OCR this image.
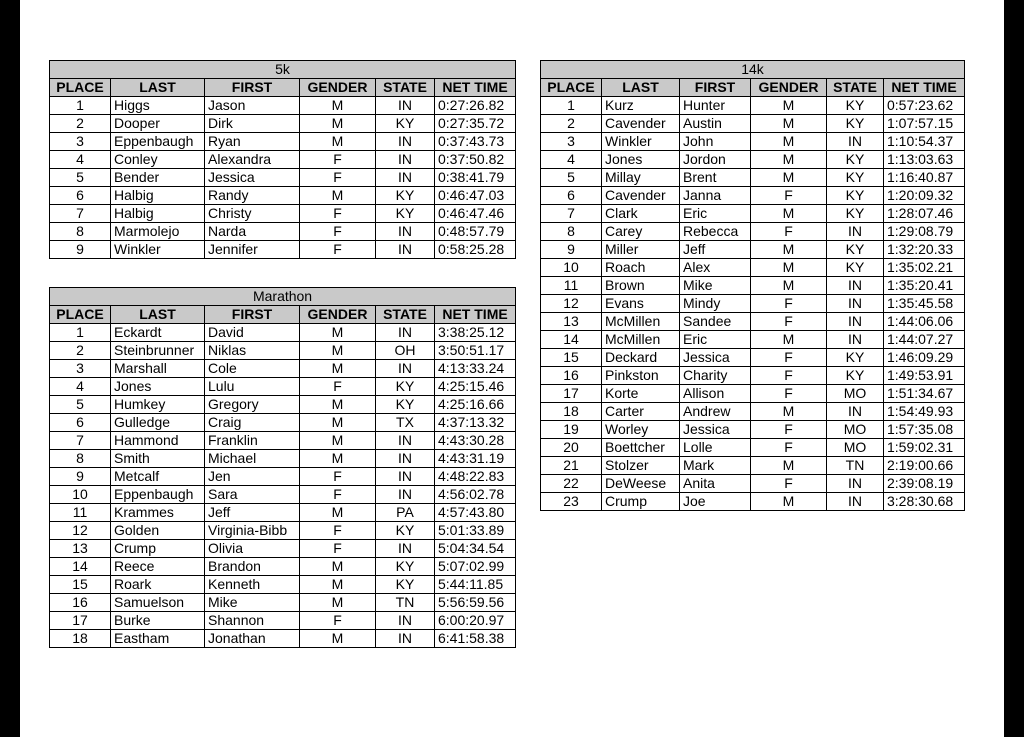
5k					
PLACE	LAST	FIRST	GENDER	STATE	NET TIME
1	Higgs	Jason	M	IN	0:27:26.82
2	Dooper	Dirk	M	KY	0:27:35.72
3	Eppenbaugh	Ryan	M	IN	0:37:43.73
4	Conley	Alexandra	F	IN	0:37:50.82
5	Bender	Jessica	F	IN	0:38:41.79
6	Halbig	Randy	M	KY	0:46:47.03
7	Halbig	Christy	F	KY	0:46:47.46
8	Marmolejo	Narda	F	IN	0:48:57.79
9	Winkler	Jennifer	F	IN	0:58:25.28
Marathon					
PLACE	LAST	FIRST	GENDER	STATE	NET TIME
1	Eckardt	David	M	IN	3:38:25.12
2	Steinbrunner	Niklas	M	OH	3:50:51.17
3	Marshall	Cole	M	IN	4:13:33.24
4	Jones	Lulu	F	KY	4:25:15.46
5	Humkey	Gregory	M	KY	4:25:16.66
6	Gulledge	Craig	M	TX	4:37:13.32
7	Hammond	Franklin	M	IN	4:43:30.28
8	Smith	Michael	M	IN	4:43:31.19
9	Metcalf	Jen	F	IN	4:48:22.83
10	Eppenbaugh	Sara	F	IN	4:56:02.78
11	Krammes	Jeff	M	PA	4:57:43.80
12	Golden	Virginia-Bibb	F	KY	5:01:33.89
13	Crump	Olivia	F	IN	5:04:34.54
14	Reece	Brandon	M	KY	5:07:02.99
15	Roark	Kenneth	M	KY	5:44:11.85
16	Samuelson	Mike	M	TN	5:56:59.56
17	Burke	Shannon	F	IN	6:00:20.97
18	Eastham	Jonathan	M	IN	6:41:58.38
14k					
PLACE	LAST	FIRST	GENDER	STATE	NET TIME
1	Kurz	Hunter	M	KY	0:57:23.62
2	Cavender	Austin	M	KY	1:07:57.15
3	Winkler	John	M	IN	1:10:54.37
4	Jones	Jordon	M	KY	1:13:03.63
5	Millay	Brent	M	KY	1:16:40.87
6	Cavender	Janna	F	KY	1:20:09.32
7	Clark	Eric	M	KY	1:28:07.46
8	Carey	Rebecca	F	IN	1:29:08.79
9	Miller	Jeff	M	KY	1:32:20.33
10	Roach	Alex	M	KY	1:35:02.21
11	Brown	Mike	M	IN	1:35:20.41
12	Evans	Mindy	F	IN	1:35:45.58
13	McMillen	Sandee	F	IN	1:44:06.06
14	McMillen	Eric	M	IN	1:44:07.27
15	Deckard	Jessica	F	KY	1:46:09.29
16	Pinkston	Charity	F	KY	1:49:53.91
17	Korte	Allison	F	MO	1:51:34.67
18	Carter	Andrew	M	IN	1:54:49.93
19	Worley	Jessica	F	MO	1:57:35.08
20	Boettcher	Lolle	F	MO	1:59:02.31
21	Stolzer	Mark	M	TN	2:19:00.66
22	DeWeese	Anita	F	IN	2:39:08.19
23	Crump	Joe	M	IN	3:28:30.68
